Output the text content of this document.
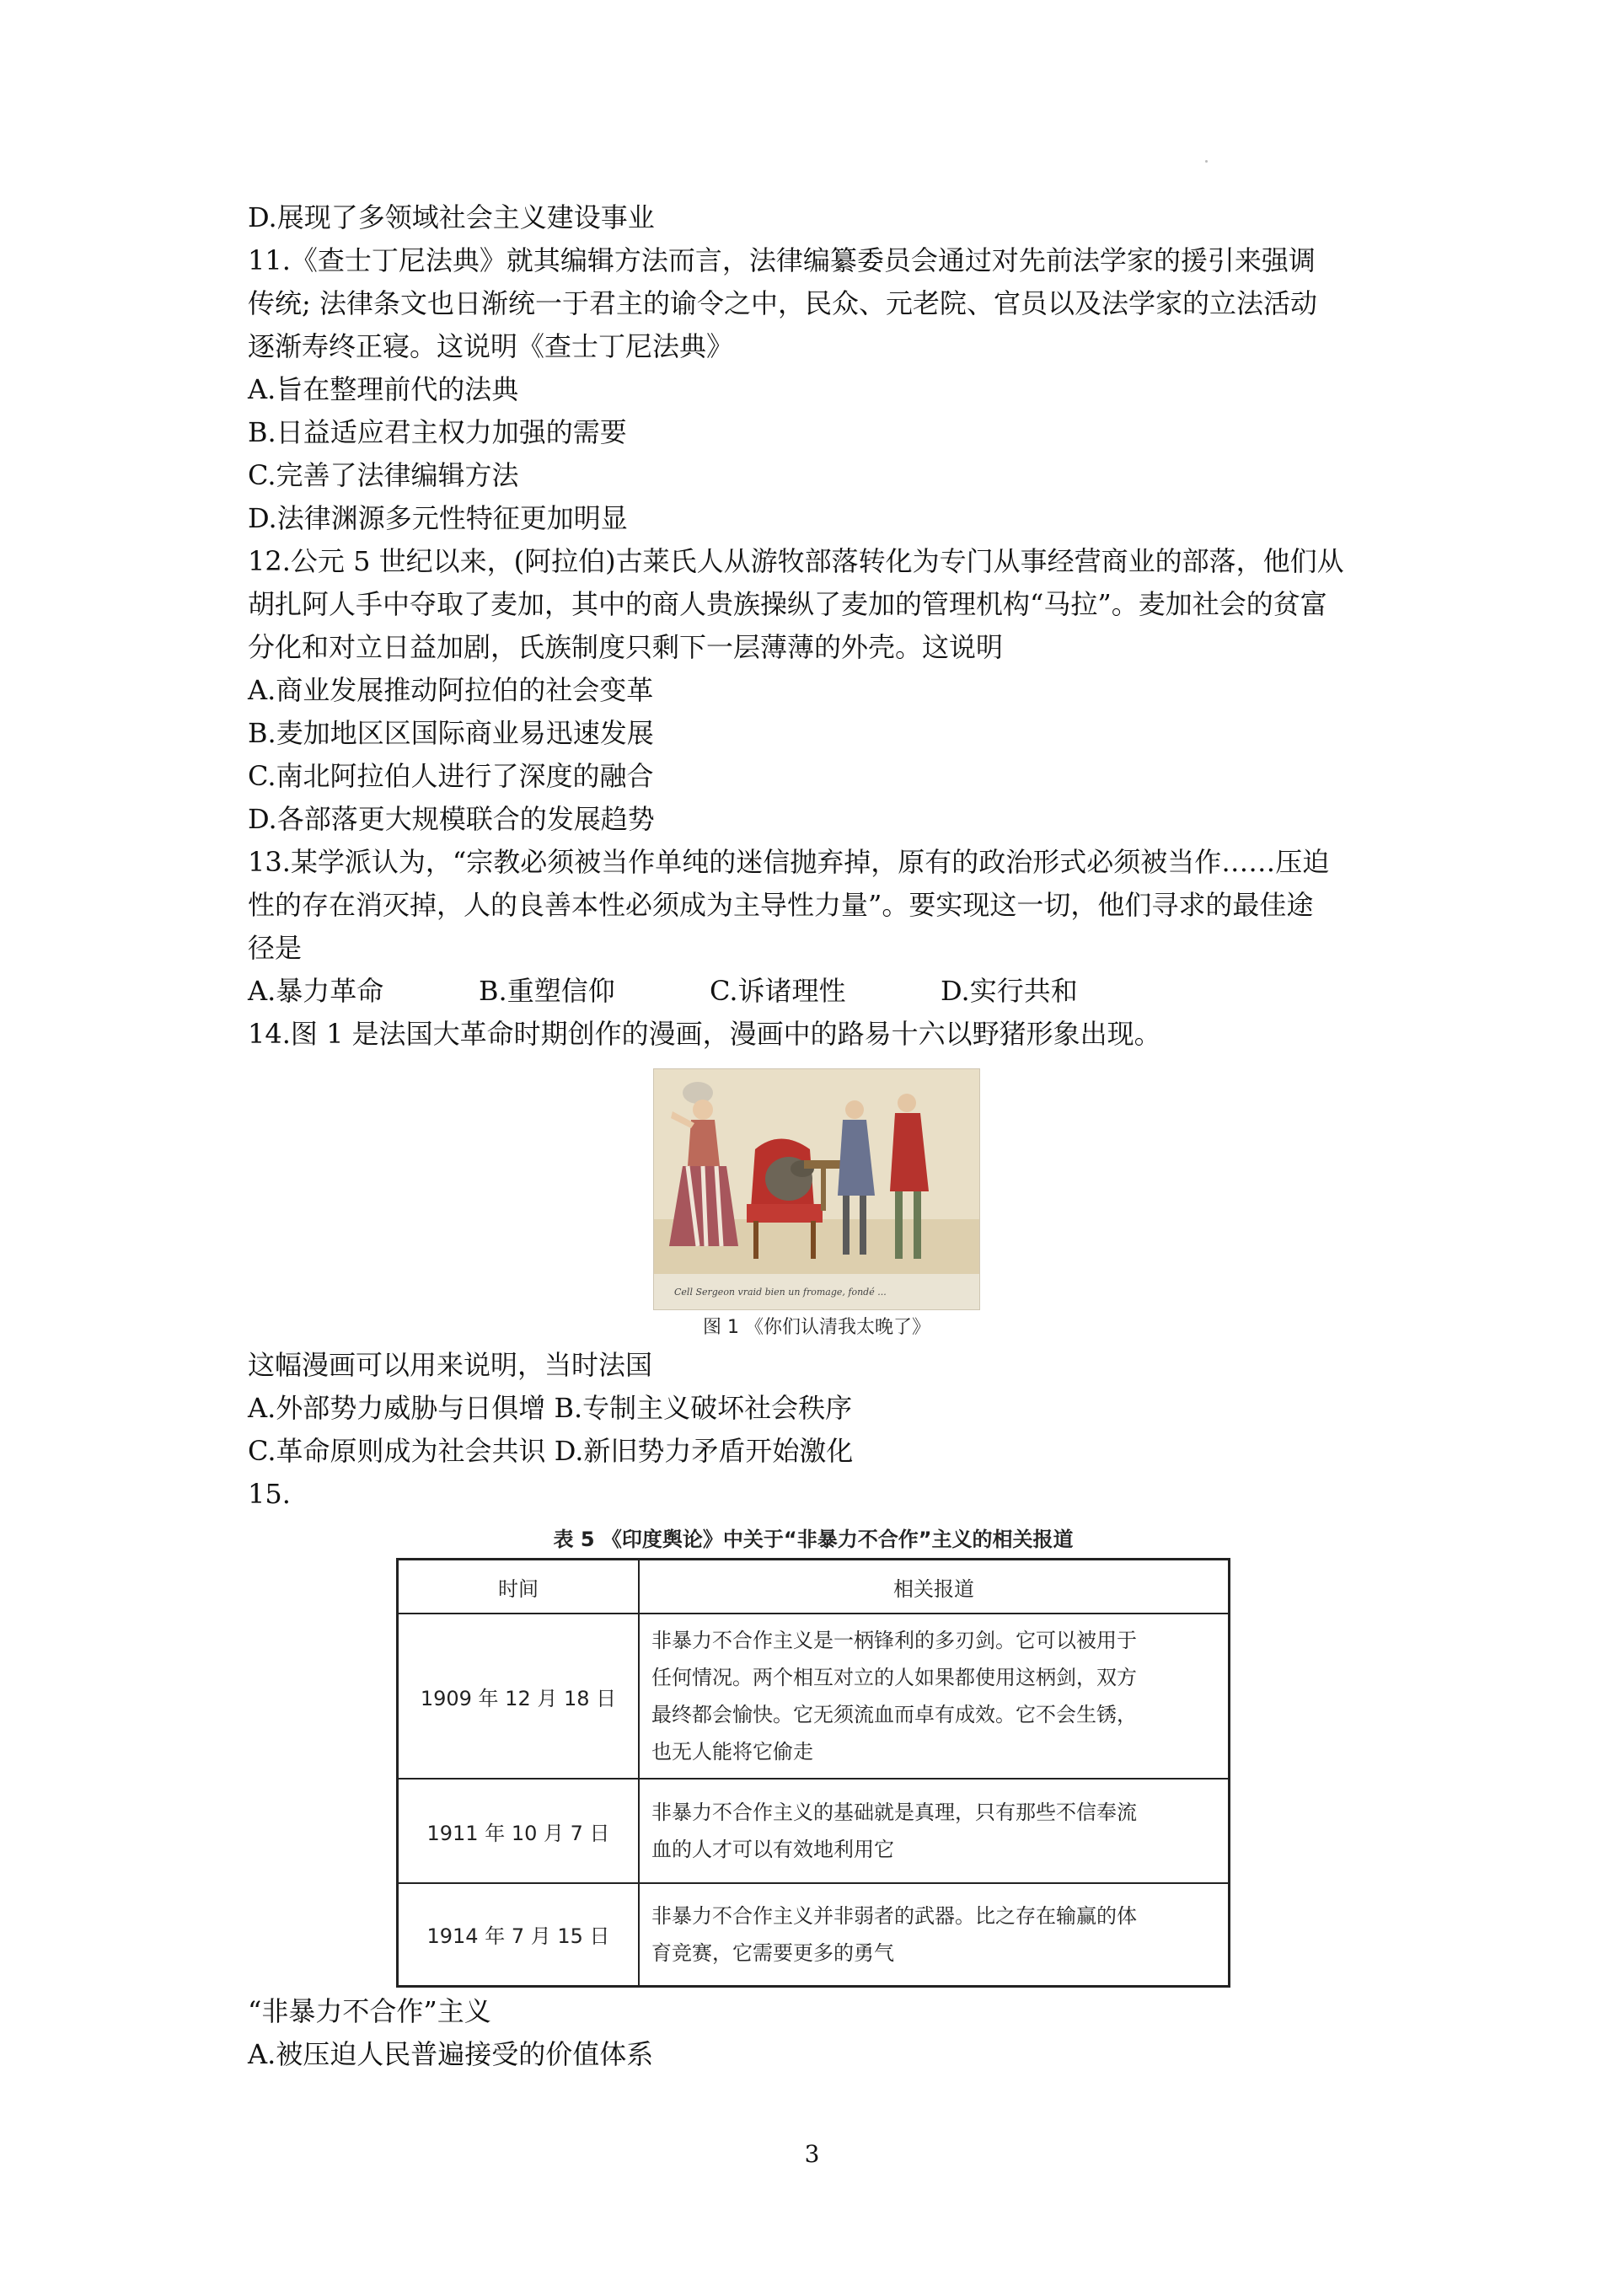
D.展现了多领域社会主义建设事业
11.《查士丁尼法典》就其编辑方法而言，法律编纂委员会通过对先前法学家的援引来强调
传统; 法律条文也日渐统一于君主的谕令之中，民众、元老院、官员以及法学家的立法活动
逐渐寿终正寝。这说明《查士丁尼法典》
A.旨在整理前代的法典
B.日益适应君主权力加强的需要
C.完善了法律编辑方法
D.法律渊源多元性特征更加明显
12.公元 5 世纪以来，(阿拉伯)古莱氏人从游牧部落转化为专门从事经营商业的部落，他们从
胡扎阿人手中夺取了麦加，其中的商人贵族操纵了麦加的管理机构“马拉”。麦加社会的贫富
分化和对立日益加剧，氏族制度只剩下一层薄薄的外壳。这说明
A.商业发展推动阿拉伯的社会变革
B.麦加地区区国际商业易迅速发展
C.南北阿拉伯人进行了深度的融合
D.各部落更大规模联合的发展趋势
13.某学派认为，“宗教必须被当作单纯的迷信抛弃掉，原有的政治形式必须被当作……压迫
性的存在消灭掉，人的良善本性必须成为主导性力量”。要实现这一切，他们寻求的最佳途
径是
A.暴力革命	B.重塑信仰	C.诉诸理性	D.实行共和
14.图 1 是法国大革命时期创作的漫画，漫画中的路易十六以野猪形象出现。
Cell Sergeon vraid bien un fromage, fondé ...
图 1 《你们认清我太晚了》
这幅漫画可以用来说明，当时法国
A.外部势力威胁与日俱增 B.专制主义破坏社会秩序
C.革命原则成为社会共识 D.新旧势力矛盾开始激化
15.
表 5 《印度舆论》中关于“非暴力不合作”主义的相关报道
时间	相关报道
1909 年 12 月 18 日	非暴力不合作主义是一柄锋利的多刃剑。它可以被用于
任何情况。两个相互对立的人如果都使用这柄剑，双方
最终都会愉快。它无须流血而卓有成效。它不会生锈，
也无人能将它偷走

1911 年 10 月 7 日	非暴力不合作主义的基础就是真理，只有那些不信奉流
血的人才可以有效地利用它

1914 年 7 月 15 日	非暴力不合作主义并非弱者的武器。比之存在输赢的体
育竞赛，它需要更多的勇气
“非暴力不合作”主义
A.被压迫人民普遍接受的价值体系
3
